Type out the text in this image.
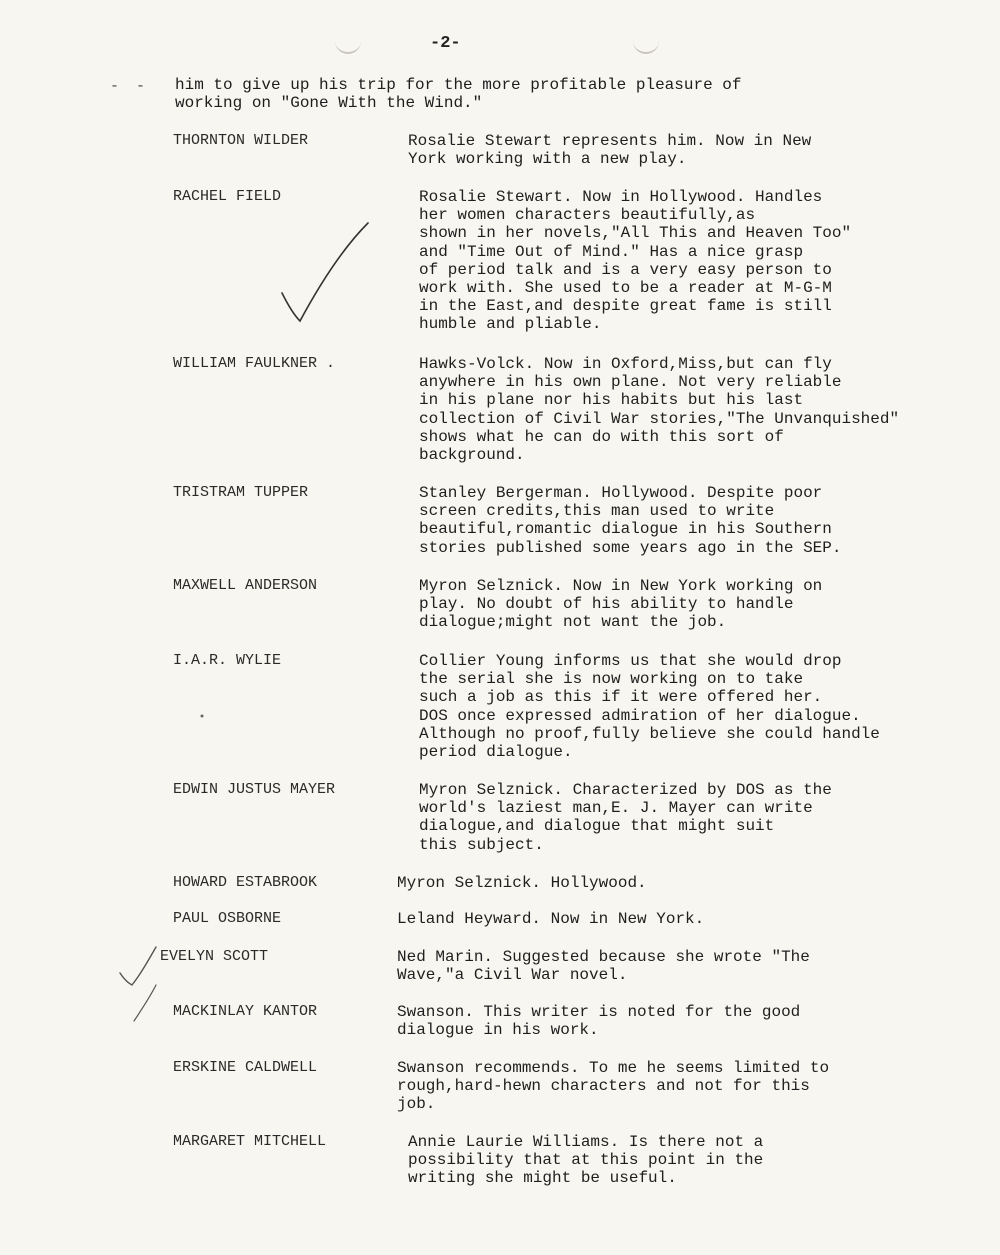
-2-
- - him to give up his trip for the more profitable pleasure of
working on "Gone With the Wind."
THORNTON WILDER	Rosalie Stewart represents him. Now in New
York working with a new play.
RACHEL FIELD	Rosalie Stewart. Now in Hollywood. Handles
her women characters beautifully,as
shown in her novels,"All This and Heaven Too"
and "Time Out of Mind." Has a nice grasp
of period talk and is a very easy person to
work with. She used to be a reader at M-G-M
in the East,and despite great fame is still
humble and pliable.
WILLIAM FAULKNER .	Hawks-Volck. Now in Oxford,Miss,but can fly
anywhere in his own plane. Not very reliable
in his plane nor his habits but his last
collection of Civil War stories,"The Unvanquished"
shows what he can do with this sort of
background.
TRISTRAM TUPPER	Stanley Bergerman. Hollywood. Despite poor
screen credits,this man used to write
beautiful,romantic dialogue in his Southern
stories published some years ago in the SEP.
MAXWELL ANDERSON	Myron Selznick. Now in New York working on
play. No doubt of his ability to handle
dialogue;might not want the job.
I.A.R. WYLIE	Collier Young informs us that she would drop
the serial she is now working on to take
such a job as this if it were offered her.
DOS once expressed admiration of her dialogue.
Although no proof,fully believe she could handle
period dialogue.
EDWIN JUSTUS MAYER	Myron Selznick. Characterized by DOS as the
world's laziest man,E. J. Mayer can write
dialogue,and dialogue that might suit
this subject.
HOWARD ESTABROOK	Myron Selznick. Hollywood.
PAUL OSBORNE	Leland Heyward. Now in New York.
EVELYN SCOTT	Ned Marin. Suggested because she wrote "The
Wave,"a Civil War novel.
MACKINLAY KANTOR	Swanson. This writer is noted for the good
dialogue in his work.
ERSKINE CALDWELL	Swanson recommends. To me he seems limited to
rough,hard-hewn characters and not for this
job.
MARGARET MITCHELL	Annie Laurie Williams. Is there not a
possibility that at this point in the
writing she might be useful.
